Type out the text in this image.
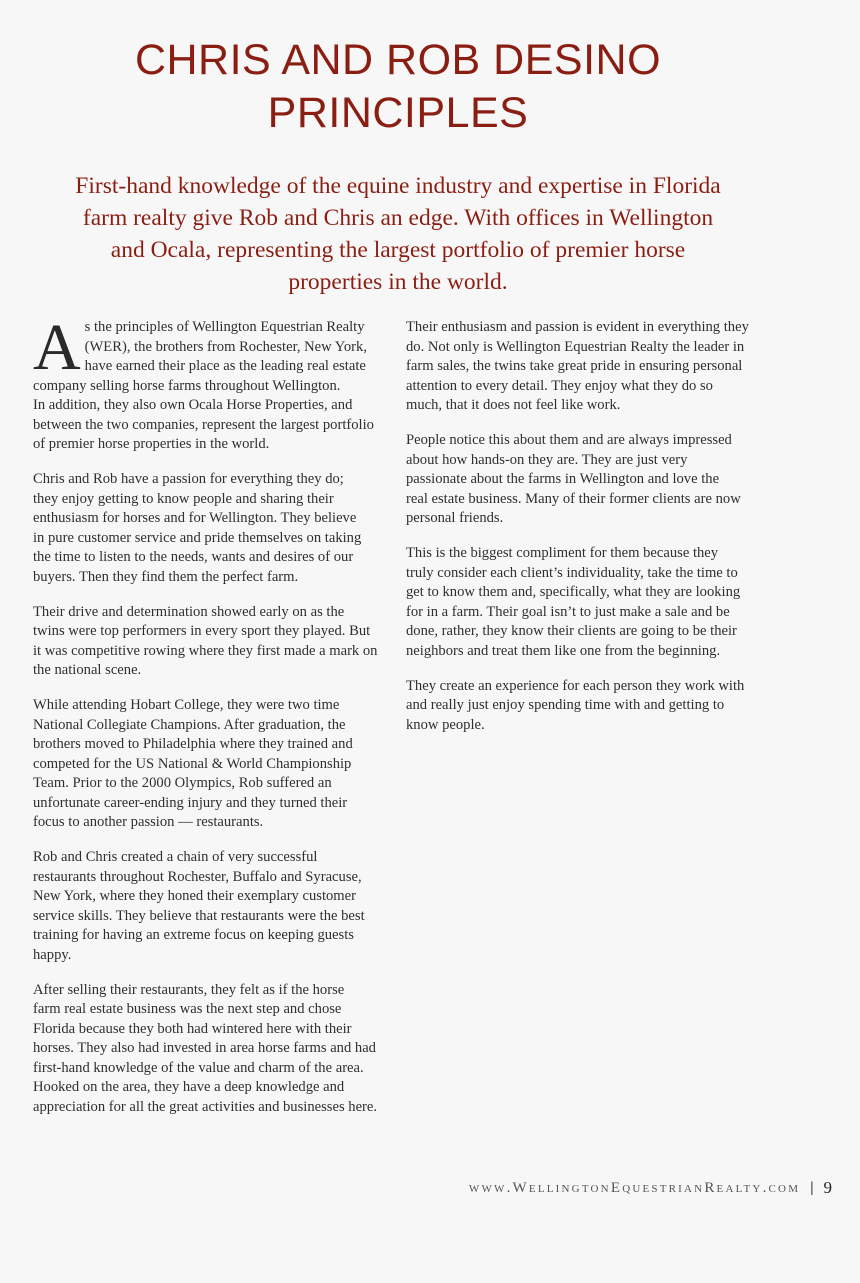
CHRIS AND ROB DESINO
PRINCIPLES

First-hand knowledge of the equine industry and expertise in Florida
farm realty give Rob and Chris an edge. With offices in Wellington
and Ocala, representing the largest portfolio of premier horse
properties in the world.

A s the principles of Wellington Equestrian Realty
(WER), the brothers from Rochester, New York,
have earned their place as the leading real estate
company selling horse farms throughout Wellington.
In addition, they also own Ocala Horse Properties, and
between the two companies, represent the largest portfolio
of premier horse properties in the world.

Chris and Rob have a passion for everything they do;
they enjoy getting to know people and sharing their
enthusiasm for horses and for Wellington. They believe
in pure customer service and pride themselves on taking
the time to listen to the needs, wants and desires of our
buyers. Then they find them the perfect farm.

Their drive and determination showed early on as the
twins were top performers in every sport they played. But
it was competitive rowing where they first made a mark on
the national scene.

While attending Hobart College, they were two time
National Collegiate Champions. After graduation, the
brothers moved to Philadelphia where they trained and
competed for the US National & World Championship
Team. Prior to the 2000 Olympics, Rob suffered an
unfortunate career-ending injury and they turned their
focus to another passion — restaurants.

Rob and Chris created a chain of very successful
restaurants throughout Rochester, Buffalo and Syracuse,
New York, where they honed their exemplary customer
service skills. They believe that restaurants were the best
training for having an extreme focus on keeping guests
happy.

After selling their restaurants, they felt as if the horse
farm real estate business was the next step and chose
Florida because they both had wintered here with their
horses. They also had invested in area horse farms and had
first-hand knowledge of the value and charm of the area.
Hooked on the area, they have a deep knowledge and
appreciation for all the great activities and businesses here.

Their enthusiasm and passion is evident in everything they
do. Not only is Wellington Equestrian Realty the leader in
farm sales, the twins take great pride in ensuring personal
attention to every detail. They enjoy what they do so
much, that it does not feel like work.

People notice this about them and are always impressed
about how hands-on they are. They are just very
passionate about the farms in Wellington and love the
real estate business. Many of their former clients are now
personal friends.

This is the biggest compliment for them because they
truly consider each client’s individuality, take the time to
get to know them and, specifically, what they are looking
for in a farm. Their goal isn’t to just make a sale and be
done, rather, they know their clients are going to be their
neighbors and treat them like one from the beginning.

They create an experience for each person they work with
and really just enjoy spending time with and getting to
know people.

www.WellingtonEquestrianRealty.com | 9
